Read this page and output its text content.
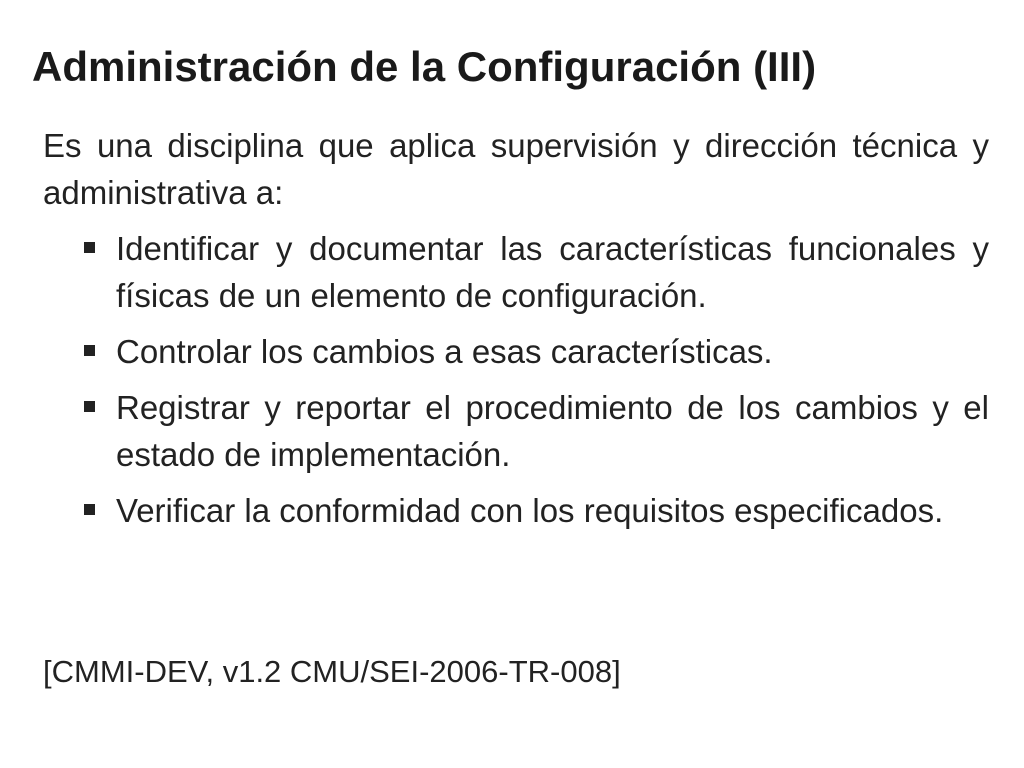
Administración de la Configuración (III)
Es una disciplina que aplica supervisión y dirección técnica y administrativa a:
Identificar y documentar las características funcionales y físicas de un elemento de configuración.
Controlar los cambios a esas características.
Registrar y reportar el procedimiento de los cambios y el estado de implementación.
Verificar la conformidad con los requisitos especificados.
[CMMI-DEV, v1.2 CMU/SEI-2006-TR-008]
